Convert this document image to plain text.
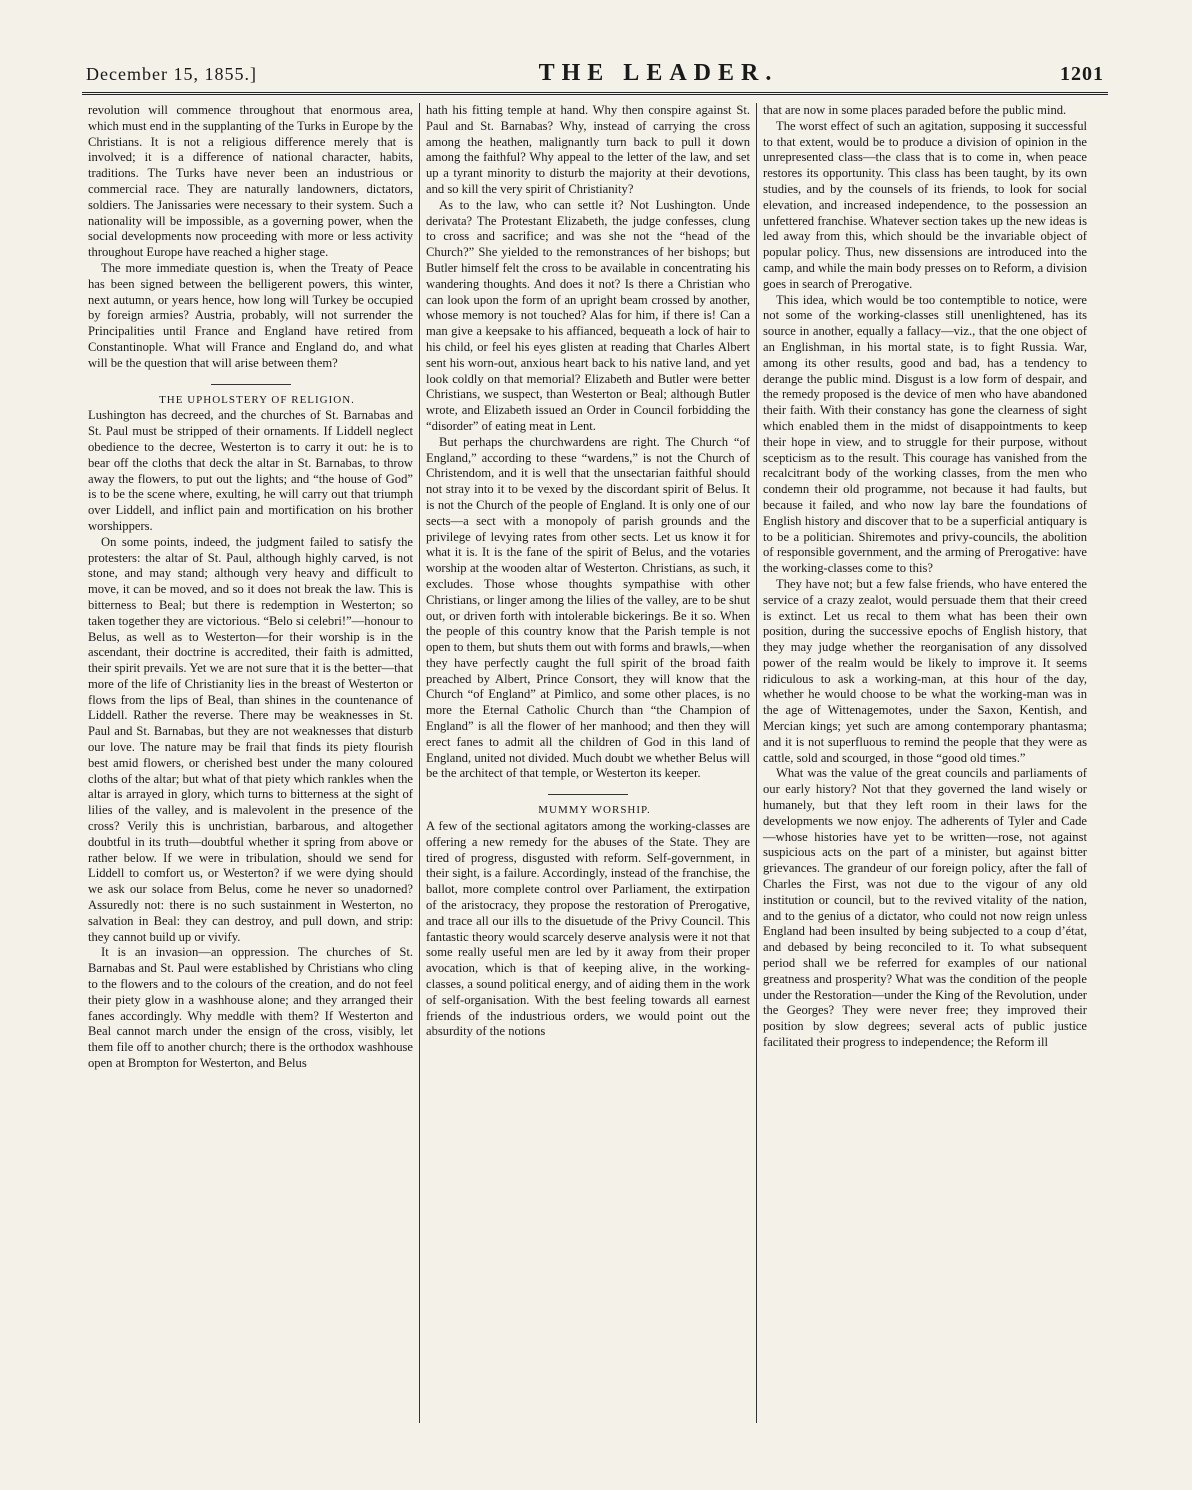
December 15, 1855.]	THE LEADER.	1201

revolution will commence throughout that enormous area, which must end in the supplanting of the Turks in Europe by the Christians. It is not a religious difference merely that is involved; it is a difference of national character, habits, traditions. The Turks have never been an industrious or commercial race. They are naturally landowners, dictators, soldiers. The Janissaries were necessary to their system. Such a nationality will be impossible, as a governing power, when the social developments now proceeding with more or less activity throughout Europe have reached a higher stage.

The more immediate question is, when the Treaty of Peace has been signed between the belligerent powers, this winter, next autumn, or years hence, how long will Turkey be occupied by foreign armies? Austria, probably, will not surrender the Principalities until France and England have retired from Constantinople. What will France and England do, and what will be the question that will arise between them?

THE UPHOLSTERY OF RELIGION.

Lushington has decreed, and the churches of St. Barnabas and St. Paul must be stripped of their ornaments. If Liddell neglect obedience to the decree, Westerton is to carry it out: he is to bear off the cloths that deck the altar in St. Barnabas, to throw away the flowers, to put out the lights; and “the house of God” is to be the scene where, exulting, he will carry out that triumph over Liddell, and inflict pain and mortification on his brother worshippers.

On some points, indeed, the judgment failed to satisfy the protesters: the altar of St. Paul, although highly carved, is not stone, and may stand; although very heavy and difficult to move, it can be moved, and so it does not break the law. This is bitterness to Beal; but there is redemption in Westerton; so taken together they are victorious. “Belo si celebri!”—honour to Belus, as well as to Westerton—for their worship is in the ascendant, their doctrine is accredited, their faith is admitted, their spirit prevails. Yet we are not sure that it is the better—that more of the life of Christianity lies in the breast of Westerton or flows from the lips of Beal, than shines in the countenance of Liddell. Rather the reverse. There may be weaknesses in St. Paul and St. Barnabas, but they are not weaknesses that disturb our love. The nature may be frail that finds its piety flourish best amid flowers, or cherished best under the many coloured cloths of the altar; but what of that piety which rankles when the altar is arrayed in glory, which turns to bitterness at the sight of lilies of the valley, and is malevolent in the presence of the cross? Verily this is unchristian, barbarous, and altogether doubtful in its truth—doubtful whether it spring from above or rather below. If we were in tribulation, should we send for Liddell to comfort us, or Westerton? if we were dying should we ask our solace from Belus, come he never so unadorned? Assuredly not: there is no such sustainment in Westerton, no salvation in Beal: they can destroy, and pull down, and strip: they cannot build up or vivify.

It is an invasion—an oppression. The churches of St. Barnabas and St. Paul were established by Christians who cling to the flowers and to the colours of the creation, and do not feel their piety glow in a washhouse alone; and they arranged their fanes accordingly. Why meddle with them? If Westerton and Beal cannot march under the ensign of the cross, visibly, let them file off to another church; there is the orthodox washhouse open at Brompton for Westerton, and Belus

hath his fitting temple at hand. Why then conspire against St. Paul and St. Barnabas? Why, instead of carrying the cross among the heathen, malignantly turn back to pull it down among the faithful? Why appeal to the letter of the law, and set up a tyrant minority to disturb the majority at their devotions, and so kill the very spirit of Christianity?

As to the law, who can settle it? Not Lushington. Unde derivata? The Protestant Elizabeth, the judge confesses, clung to cross and sacrifice; and was she not the “head of the Church?” She yielded to the remonstrances of her bishops; but Butler himself felt the cross to be available in concentrating his wandering thoughts. And does it not? Is there a Christian who can look upon the form of an upright beam crossed by another, whose memory is not touched? Alas for him, if there is! Can a man give a keepsake to his affianced, bequeath a lock of hair to his child, or feel his eyes glisten at reading that Charles Albert sent his worn-out, anxious heart back to his native land, and yet look coldly on that memorial? Elizabeth and Butler were better Christians, we suspect, than Westerton or Beal; although Butler wrote, and Elizabeth issued an Order in Council forbidding the “disorder” of eating meat in Lent.

But perhaps the churchwardens are right. The Church “of England,” according to these “wardens,” is not the Church of Christendom, and it is well that the unsectarian faithful should not stray into it to be vexed by the discordant spirit of Belus. It is not the Church of the people of England. It is only one of our sects—a sect with a monopoly of parish grounds and the privilege of levying rates from other sects. Let us know it for what it is. It is the fane of the spirit of Belus, and the votaries worship at the wooden altar of Westerton. Christians, as such, it excludes. Those whose thoughts sympathise with other Christians, or linger among the lilies of the valley, are to be shut out, or driven forth with intolerable bickerings. Be it so. When the people of this country know that the Parish temple is not open to them, but shuts them out with forms and brawls,—when they have perfectly caught the full spirit of the broad faith preached by Albert, Prince Consort, they will know that the Church “of England” at Pimlico, and some other places, is no more the Eternal Catholic Church than “the Champion of England” is all the flower of her manhood; and then they will erect fanes to admit all the children of God in this land of England, united not divided. Much doubt we whether Belus will be the architect of that temple, or Westerton its keeper.

MUMMY WORSHIP.

A few of the sectional agitators among the working-classes are offering a new remedy for the abuses of the State. They are tired of progress, disgusted with reform. Self-government, in their sight, is a failure. Accordingly, instead of the franchise, the ballot, more complete control over Parliament, the extirpation of the aristocracy, they propose the restoration of Prerogative, and trace all our ills to the disuetude of the Privy Council. This fantastic theory would scarcely deserve analysis were it not that some really useful men are led by it away from their proper avocation, which is that of keeping alive, in the working-classes, a sound political energy, and of aiding them in the work of self-organisation. With the best feeling towards all earnest friends of the industrious orders, we would point out the absurdity of the notions

that are now in some places paraded before the public mind.

The worst effect of such an agitation, supposing it successful to that extent, would be to produce a division of opinion in the unrepresented class—the class that is to come in, when peace restores its opportunity. This class has been taught, by its own studies, and by the counsels of its friends, to look for social elevation, and increased independence, to the possession an unfettered franchise. Whatever section takes up the new ideas is led away from this, which should be the invariable object of popular policy. Thus, new dissensions are introduced into the camp, and while the main body presses on to Reform, a division goes in search of Prerogative.

This idea, which would be too contemptible to notice, were not some of the working-classes still unenlightened, has its source in another, equally a fallacy—viz., that the one object of an Englishman, in his mortal state, is to fight Russia. War, among its other results, good and bad, has a tendency to derange the public mind. Disgust is a low form of despair, and the remedy proposed is the device of men who have abandoned their faith. With their constancy has gone the clearness of sight which enabled them in the midst of disappointments to keep their hope in view, and to struggle for their purpose, without scepticism as to the result. This courage has vanished from the recalcitrant body of the working classes, from the men who condemn their old programme, not because it had faults, but because it failed, and who now lay bare the foundations of English history and discover that to be a superficial antiquary is to be a politician. Shiremotes and privy-councils, the abolition of responsible government, and the arming of Prerogative: have the working-classes come to this?

They have not; but a few false friends, who have entered the service of a crazy zealot, would persuade them that their creed is extinct. Let us recal to them what has been their own position, during the successive epochs of English history, that they may judge whether the reorganisation of any dissolved power of the realm would be likely to improve it. It seems ridiculous to ask a working-man, at this hour of the day, whether he would choose to be what the working-man was in the age of Wittenagemotes, under the Saxon, Kentish, and Mercian kings; yet such are among contemporary phantasma; and it is not superfluous to remind the people that they were as cattle, sold and scourged, in those “good old times.”

What was the value of the great councils and parliaments of our early history? Not that they governed the land wisely or humanely, but that they left room in their laws for the developments we now enjoy. The adherents of Tyler and Cade—whose histories have yet to be written—rose, not against suspicious acts on the part of a minister, but against bitter grievances. The grandeur of our foreign policy, after the fall of Charles the First, was not due to the vigour of any old institution or council, but to the revived vitality of the nation, and to the genius of a dictator, who could not now reign unless England had been insulted by being subjected to a coup d’état, and debased by being reconciled to it. To what subsequent period shall we be referred for examples of our national greatness and prosperity? What was the condition of the people under the Restoration—under the King of the Revolution, under the Georges? They were never free; they improved their position by slow degrees; several acts of public justice facilitated their progress to independence; the Reform ill
